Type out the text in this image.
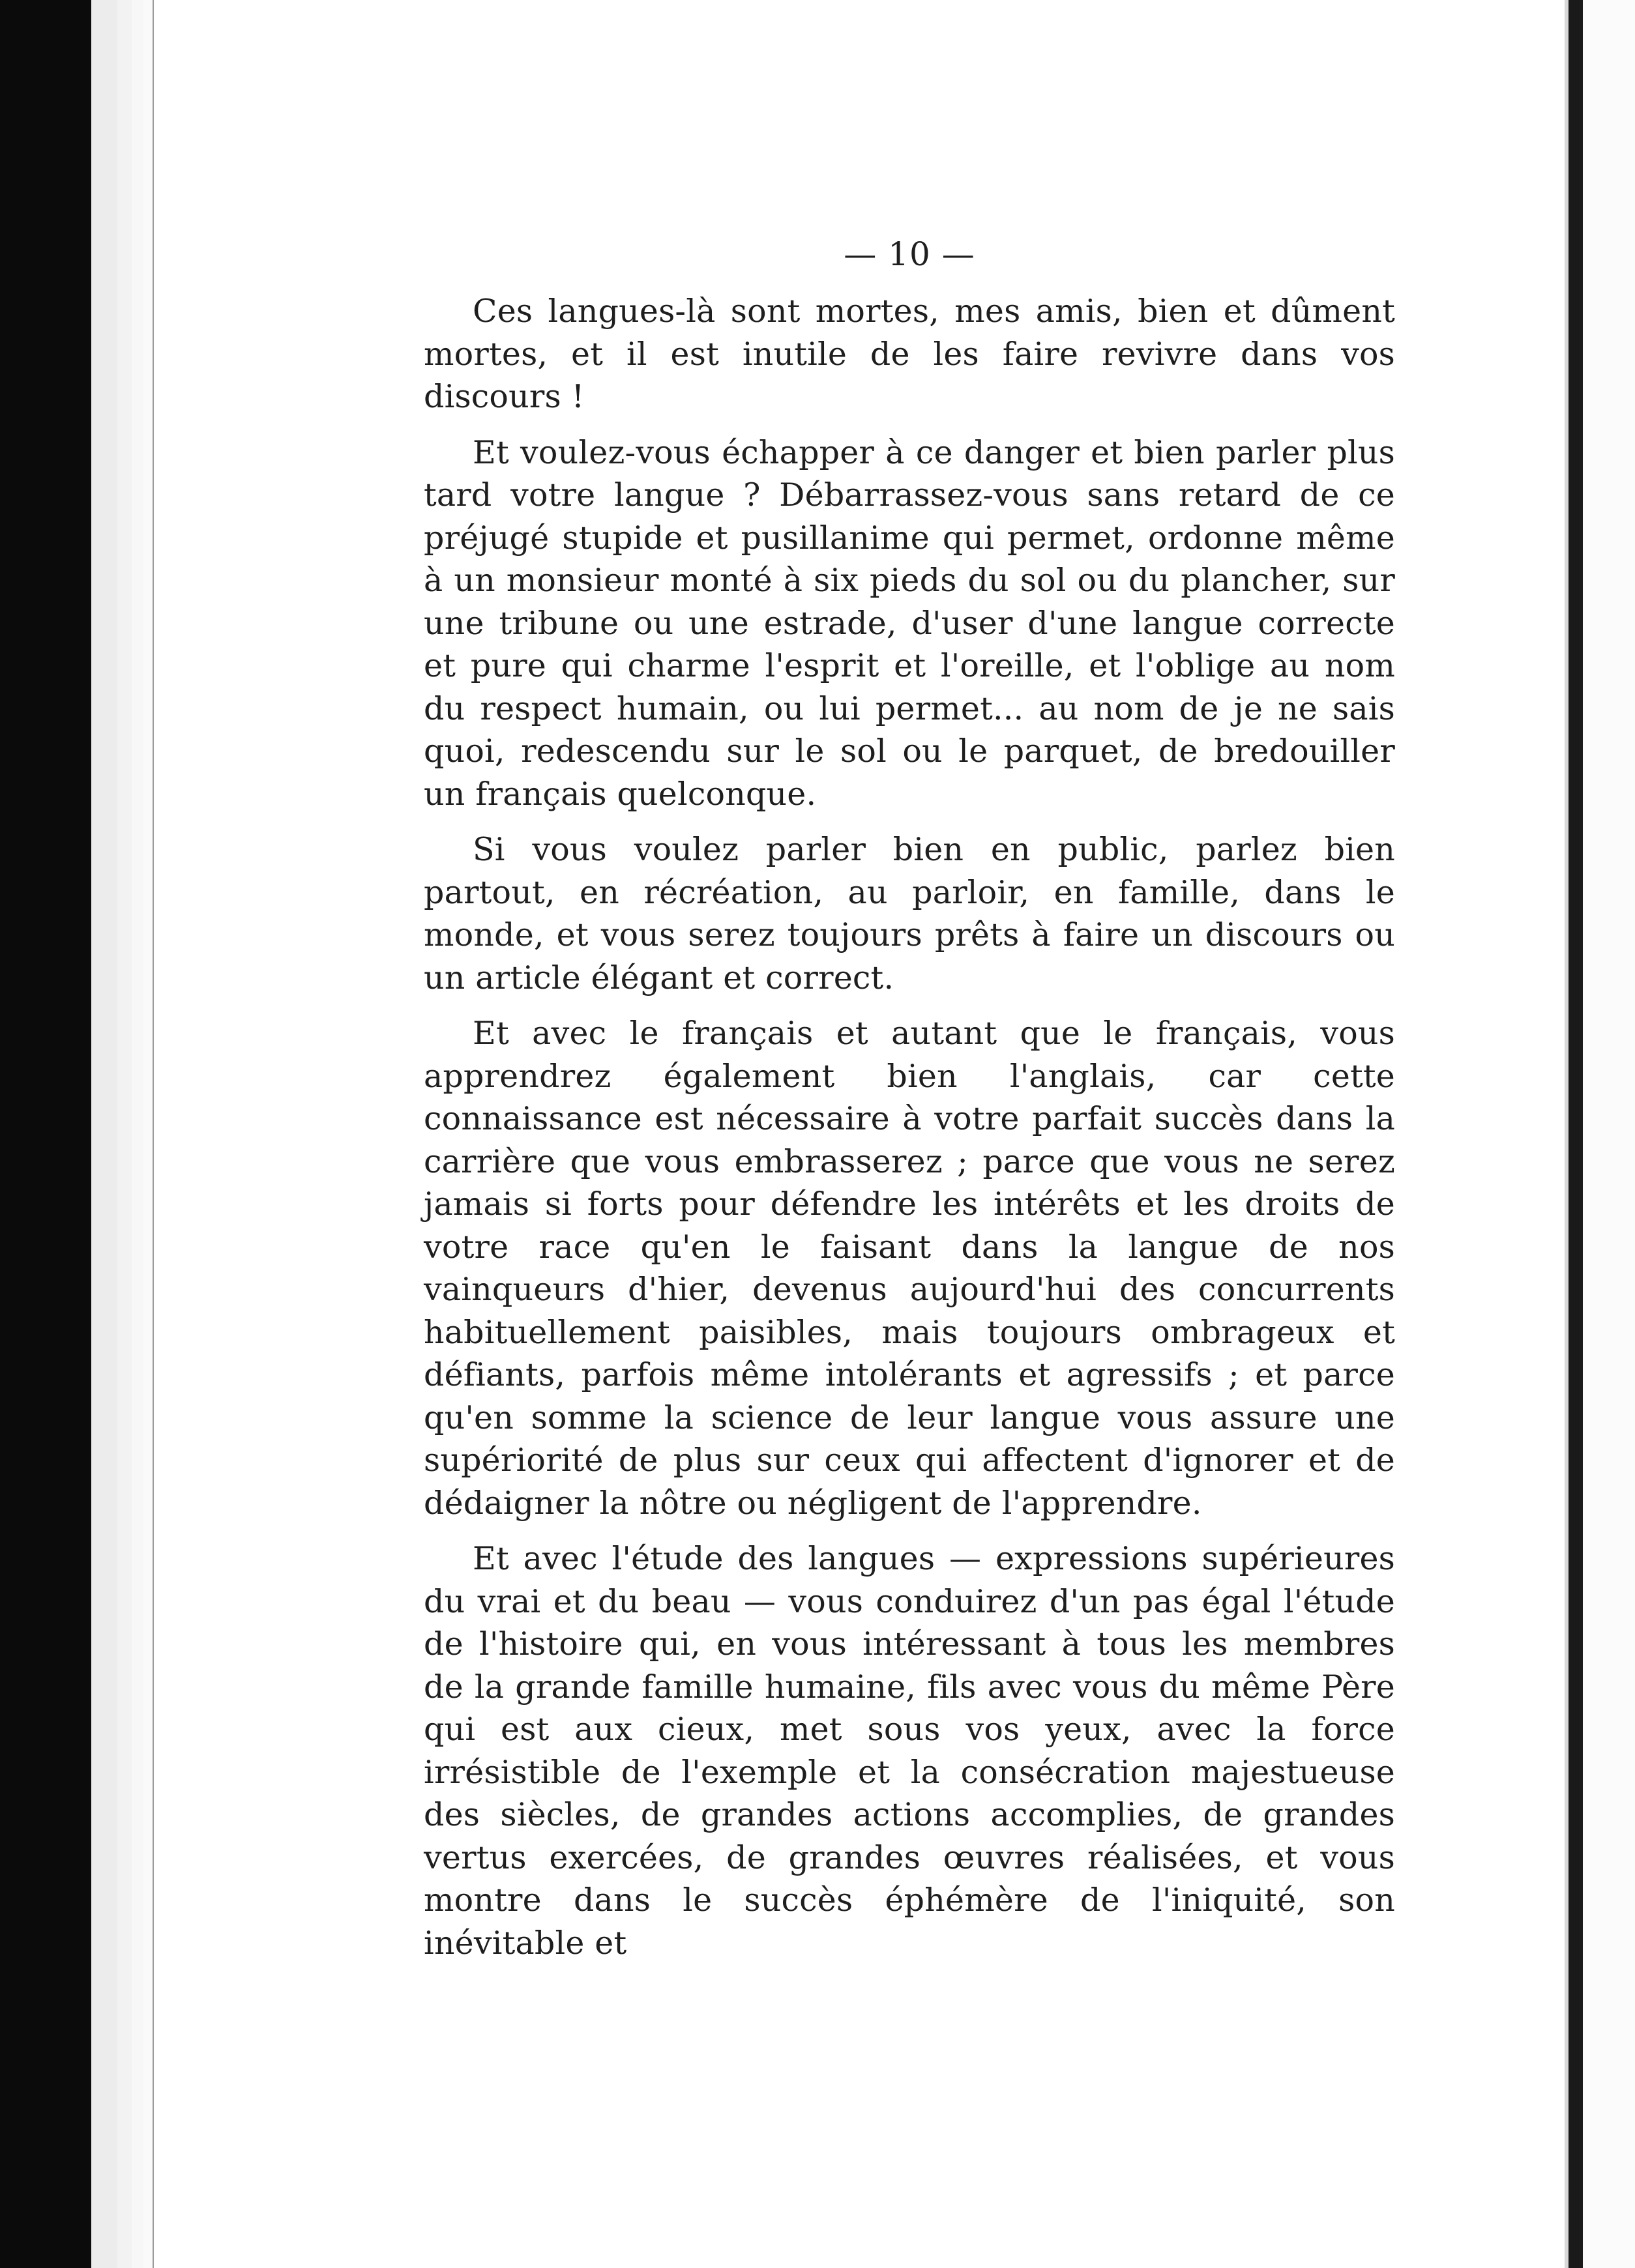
— 10 —

Ces langues-là sont mortes, mes amis, bien et dûment mortes, et il est inutile de les faire revivre dans vos discours !

Et voulez-vous échapper à ce danger et bien parler plus tard votre langue ? Débarrassez-vous sans retard de ce préjugé stupide et pusillanime qui permet, ordonne même à un monsieur monté à six pieds du sol ou du plancher, sur une tribune ou une estrade, d'user d'une langue correcte et pure qui charme l'esprit et l'oreille, et l'oblige au nom du respect humain, ou lui permet... au nom de je ne sais quoi, redescendu sur le sol ou le parquet, de bredouiller un français quelconque.

Si vous voulez parler bien en public, parlez bien partout, en récréation, au parloir, en famille, dans le monde, et vous serez toujours prêts à faire un discours ou un article élégant et correct.

Et avec le français et autant que le français, vous apprendrez également bien l'anglais, car cette connaissance est nécessaire à votre parfait succès dans la carrière que vous embrasserez ; parce que vous ne serez jamais si forts pour défendre les intérêts et les droits de votre race qu'en le faisant dans la langue de nos vainqueurs d'hier, devenus aujourd'hui des concurrents habituellement paisibles, mais toujours ombrageux et défiants, parfois même intolérants et agressifs ; et parce qu'en somme la science de leur langue vous assure une supériorité de plus sur ceux qui affectent d'ignorer et de dédaigner la nôtre ou négligent de l'apprendre.

Et avec l'étude des langues — expressions supérieures du vrai et du beau — vous conduirez d'un pas égal l'étude de l'histoire qui, en vous intéressant à tous les membres de la grande famille humaine, fils avec vous du même Père qui est aux cieux, met sous vos yeux, avec la force irrésistible de l'exemple et la consécration majestueuse des siècles, de grandes actions accomplies, de grandes vertus exercées, de grandes œuvres réalisées, et vous montre dans le succès éphémère de l'iniquité, son inévitable et
